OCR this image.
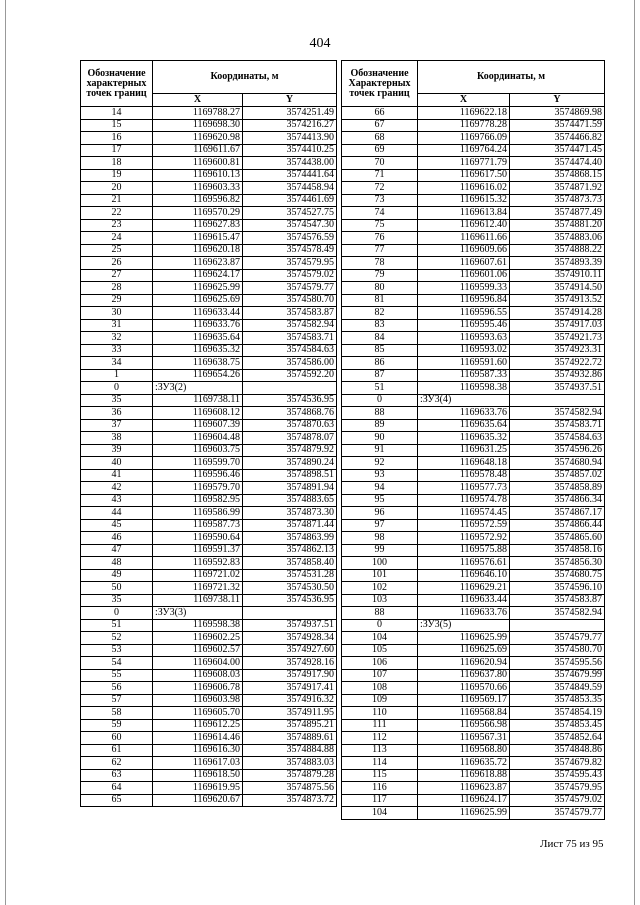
404
Обозначение характерных точек границ	Координаты, м	
	X	Y
14	1169788.27	3574251.49
15	1169698.30	3574216.27
16	1169620.98	3574413.90
17	1169611.67	3574410.25
18	1169600.81	3574438.00
19	1169610.13	3574441.64
20	1169603.33	3574458.94
21	1169596.82	3574461.69
22	1169570.29	3574527.75
23	1169627.83	3574547.30
24	1169615.47	3574576.59
25	1169620.18	3574578.49
26	1169623.87	3574579.95
27	1169624.17	3574579.02
28	1169625.99	3574579.77
29	1169625.69	3574580.70
30	1169633.44	3574583.87
31	1169633.76	3574582.94
32	1169635.64	3574583.71
33	1169635.32	3574584.63
34	1169638.75	3574586.00
1	1169654.26	3574592.20
0	:ЗУ3(2)	
35	1169738.11	3574536.95
36	1169608.12	3574868.76
37	1169607.39	3574870.63
38	1169604.48	3574878.07
39	1169603.75	3574879.92
40	1169599.70	3574890.24
41	1169596.46	3574898.51
42	1169579.70	3574891.94
43	1169582.95	3574883.65
44	1169586.99	3574873.30
45	1169587.73	3574871.44
46	1169590.64	3574863.99
47	1169591.37	3574862.13
48	1169592.83	3574858.40
49	1169721.02	3574531.28
50	1169721.32	3574530.50
35	1169738.11	3574536.95
0	:ЗУ3(3)	
51	1169598.38	3574937.51
52	1169602.25	3574928.34
53	1169602.57	3574927.60
54	1169604.00	3574928.16
55	1169608.03	3574917.90
56	1169606.78	3574917.41
57	1169603.98	3574916.32
58	1169605.70	3574911.95
59	1169612.25	3574895.21
60	1169614.46	3574889.61
61	1169616.30	3574884.88
62	1169617.03	3574883.03
63	1169618.50	3574879.28
64	1169619.95	3574875.56
65	1169620.67	3574873.72
Обозначение Характерных точек границ	Координаты, м	
	X	Y
66	1169622.18	3574869.98
67	1169778.28	3574471.59
68	1169766.09	3574466.82
69	1169764.24	3574471.45
70	1169771.79	3574474.40
71	1169617.50	3574868.15
72	1169616.02	3574871.92
73	1169615.32	3574873.73
74	1169613.84	3574877.49
75	1169612.40	3574881.20
76	1169611.66	3574883.06
77	1169609.66	3574888.22
78	1169607.61	3574893.39
79	1169601.06	3574910.11
80	1169599.33	3574914.50
81	1169596.84	3574913.52
82	1169596.55	3574914.28
83	1169595.46	3574917.03
84	1169593.63	3574921.73
85	1169593.02	3574923.31
86	1169591.60	3574922.72
87	1169587.33	3574932.86
51	1169598.38	3574937.51
0	:ЗУ3(4)	
88	1169633.76	3574582.94
89	1169635.64	3574583.71
90	1169635.32	3574584.63
91	1169631.25	3574596.26
92	1169648.18	3574680.94
93	1169578.48	3574857.02
94	1169577.73	3574858.89
95	1169574.78	3574866.34
96	1169574.45	3574867.17
97	1169572.59	3574866.44
98	1169572.92	3574865.60
99	1169575.88	3574858.16
100	1169576.61	3574856.30
101	1169646.10	3574680.75
102	1169629.21	3574596.10
103	1169633.44	3574583.87
88	1169633.76	3574582.94
0	:ЗУ3(5)	
104	1169625.99	3574579.77
105	1169625.69	3574580.70
106	1169620.94	3574595.56
107	1169637.80	3574679.99
108	1169570.66	3574849.59
109	1169569.17	3574853.35
110	1169568.84	3574854.19
111	1169566.98	3574853.45
112	1169567.31	3574852.64
113	1169568.80	3574848.86
114	1169635.72	3574679.82
115	1169618.88	3574595.43
116	1169623.87	3574579.95
117	1169624.17	3574579.02
104	1169625.99	3574579.77
Лист 75 из 95
